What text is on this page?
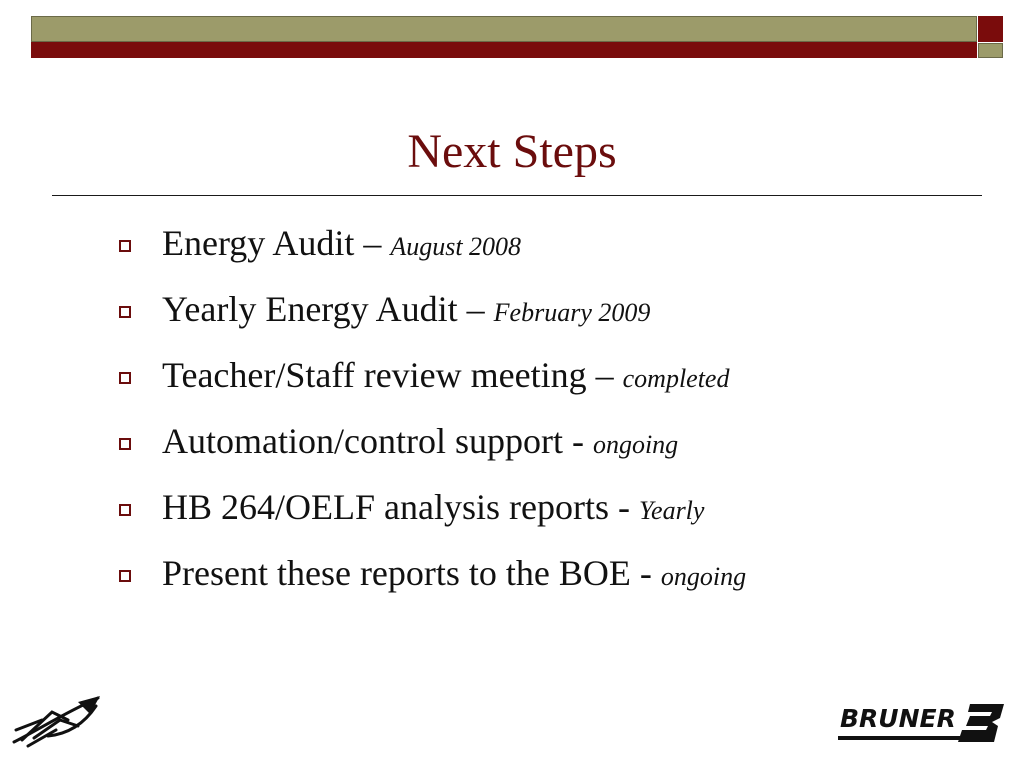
Next Steps
Energy Audit – August 2008
Yearly Energy Audit – February 2009
Teacher/Staff review meeting – completed
Automation/control support - ongoing
HB 264/OELF analysis reports - Yearly
Present these reports to the BOE - ongoing
BRUNER
